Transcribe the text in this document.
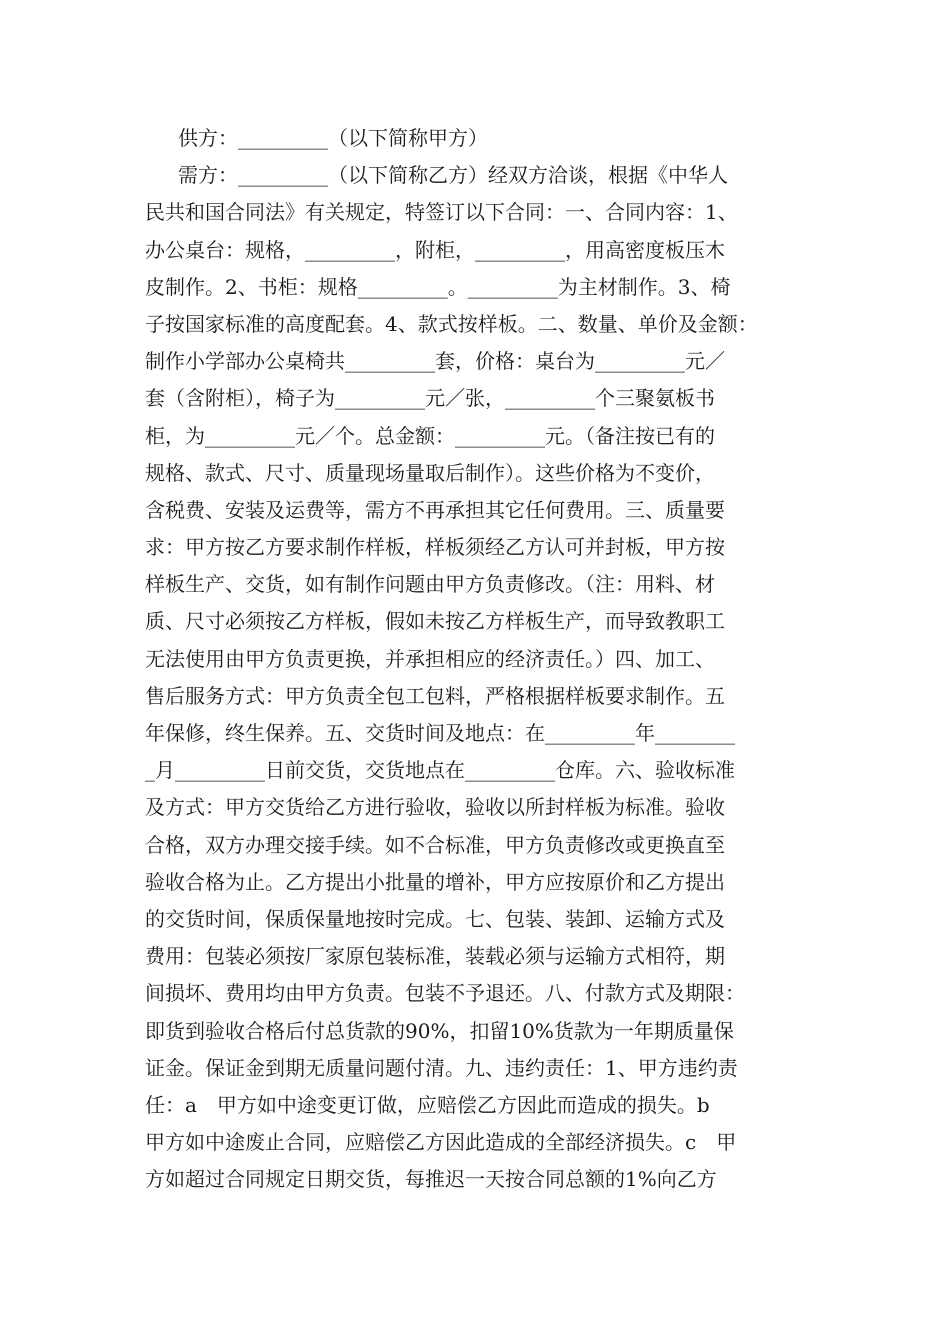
供方：_________（以下简称甲方）
需方：_________（以下简称乙方）经双方洽谈，根据《中华人
民共和国合同法》有关规定，特签订以下合同：一、合同内容：1、
办公桌台：规格，_________，附柜，_________，用高密度板压木
皮制作。2、书柜：规格_________。_________为主材制作。3、椅
子按国家标准的高度配套。4、款式按样板。二、数量、单价及金额：
制作小学部办公桌椅共_________套，价格：桌台为_________元／
套（含附柜），椅子为_________元／张，_________个三聚氨板书
柜，为_________元／个。总金额：_________元。（备注按已有的
规格、款式、尺寸、质量现场量取后制作）。这些价格为不变价，
含税费、安装及运费等，需方不再承担其它任何费用。三、质量要
求：甲方按乙方要求制作样板，样板须经乙方认可并封板，甲方按
样板生产、交货，如有制作问题由甲方负责修改。（注：用料、材
质、尺寸必须按乙方样板，假如未按乙方样板生产，而导致教职工
无法使用由甲方负责更换，并承担相应的经济责任。）四、加工、
售后服务方式：甲方负责全包工包料，严格根据样板要求制作。五
年保修，终生保养。五、交货时间及地点：在_________年________
_月_________日前交货，交货地点在_________仓库。六、验收标准
及方式：甲方交货给乙方进行验收，验收以所封样板为标准。验收
合格，双方办理交接手续。如不合标准，甲方负责修改或更换直至
验收合格为止。乙方提出小批量的增补，甲方应按原价和乙方提出
的交货时间，保质保量地按时完成。七、包装、装卸、运输方式及
费用：包装必须按厂家原包装标准，装载必须与运输方式相符，期
间损坏、费用均由甲方负责。包装不予退还。八、付款方式及期限：
即货到验收合格后付总货款的90%，扣留10%货款为一年期质量保
证金。保证金到期无质量问题付清。九、违约责任：1、甲方违约责
任：a　甲方如中途变更订做，应赔偿乙方因此而造成的损失。b
甲方如中途废止合同，应赔偿乙方因此造成的全部经济损失。c　甲
方如超过合同规定日期交货，每推迟一天按合同总额的1%向乙方
